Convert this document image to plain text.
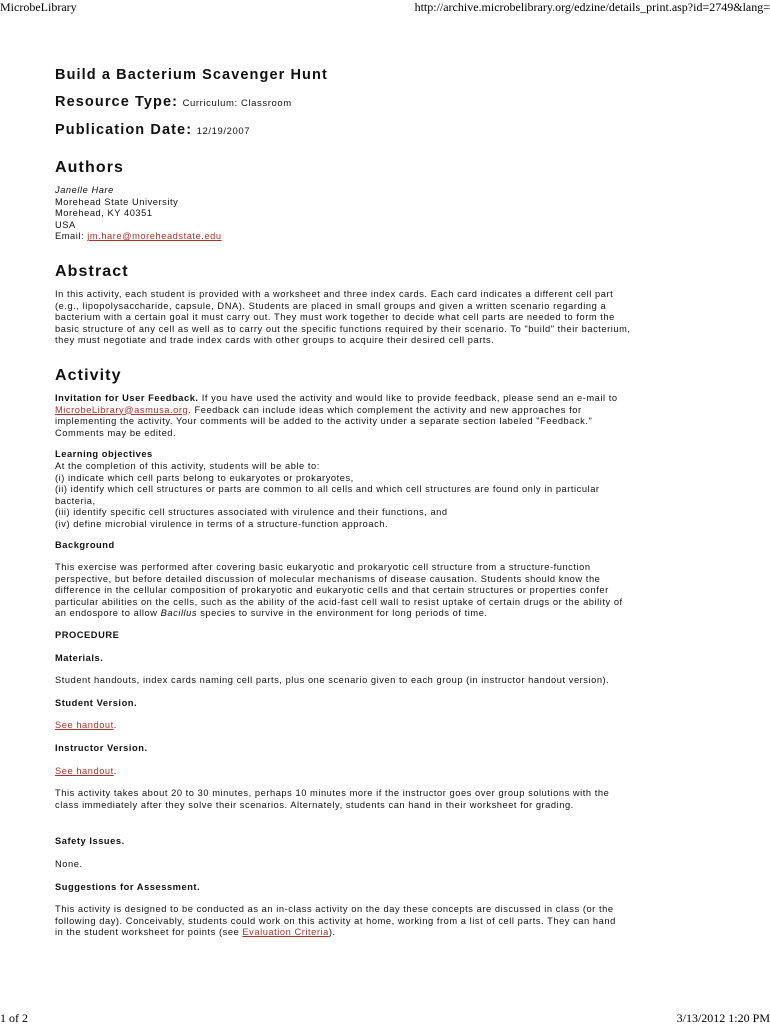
MicrobeLibrary	http://archive.microbelibrary.org/edzine/details_print.asp?id=2749&lang=
Build a Bacterium Scavenger Hunt
Resource Type: Curriculum: Classroom
Publication Date: 12/19/2007
Authors
Janelle Hare
Morehead State University
Morehead, KY 40351
USA
Email: jm.hare@moreheadstate.edu
Abstract
In this activity, each student is provided with a worksheet and three index cards. Each card indicates a different cell part
(e.g., lipopolysaccharide, capsule, DNA). Students are placed in small groups and given a written scenario regarding a
bacterium with a certain goal it must carry out. They must work together to decide what cell parts are needed to form the
basic structure of any cell as well as to carry out the specific functions required by their scenario. To "build" their bacterium,
they must negotiate and trade index cards with other groups to acquire their desired cell parts.
Activity
Invitation for User Feedback. If you have used the activity and would like to provide feedback, please send an e-mail to
MicrobeLibrary@asmusa.org. Feedback can include ideas which complement the activity and new approaches for
implementing the activity. Your comments will be added to the activity under a separate section labeled "Feedback."
Comments may be edited.
Learning objectives
At the completion of this activity, students will be able to:
(i) indicate which cell parts belong to eukaryotes or prokaryotes,
(ii) identify which cell structures or parts are common to all cells and which cell structures are found only in particular
bacteria,
(iii) identify specific cell structures associated with virulence and their functions, and
(iv) define microbial virulence in terms of a structure-function approach.
Background
This exercise was performed after covering basic eukaryotic and prokaryotic cell structure from a structure-function
perspective, but before detailed discussion of molecular mechanisms of disease causation. Students should know the
difference in the cellular composition of prokaryotic and eukaryotic cells and that certain structures or properties confer
particular abilities on the cells, such as the ability of the acid-fast cell wall to resist uptake of certain drugs or the ability of
an endospore to allow Bacillus species to survive in the environment for long periods of time.

PROCEDURE

Materials.

Student handouts, index cards naming cell parts, plus one scenario given to each group (in instructor handout version).

Student Version.

See handout.

Instructor Version.

See handout.

This activity takes about 20 to 30 minutes, perhaps 10 minutes more if the instructor goes over group solutions with the
class immediately after they solve their scenarios. Alternately, students can hand in their worksheet for grading.

Safety Issues.

None.

Suggestions for Assessment.

This activity is designed to be conducted as an in-class activity on the day these concepts are discussed in class (or the
following day). Conceivably, students could work on this activity at home, working from a list of cell parts. They can hand
in the student worksheet for points (see Evaluation Criteria).
1 of 2	3/13/2012 1:20 PM
